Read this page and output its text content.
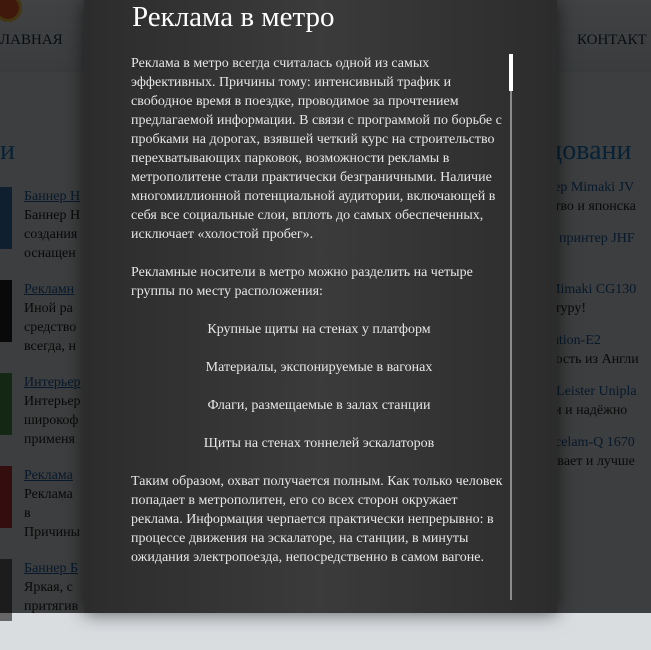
Реклама в метро

Реклама в метро всегда считалась одной из самых эффективных. Причины тому: интенсивный трафик и свободное время в поездке, проводимое за прочтением предлагаемой информации. В связи с программой по борьбе с пробками на дорогах, взявшей четкий курс на строительство перехватывающих парковок, возможности рекламы в метрополитене стали практически безграничными. Наличие многомиллионной потенциальной аудитории, включающей в себя все социальные слои, вплоть до самых обеспеченных, исключает «холостой пробег».

Рекламные носители в метро можно разделить на четыре группы по месту расположения:

Крупные щиты на стенах у платформ

Материалы, экспонируемые в вагонах

Флаги, размещаемые в залах станции

Щиты на стенах тоннелей эскалаторов

Таким образом, охват получается полным. Как только человек попадает в метрополитен, его со всех сторон окружает реклама. Информация черпается практически непрерывно: в процессе движения на эскалаторе, на станции, в минуты ожидания электропоезда, непосредственно в самом вагоне.
